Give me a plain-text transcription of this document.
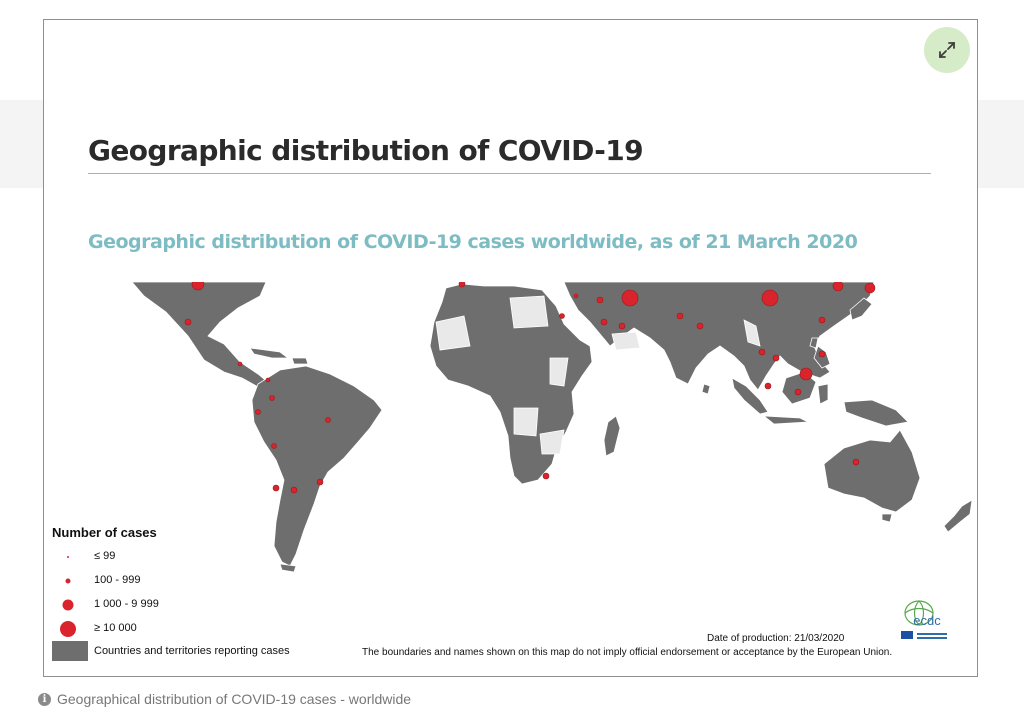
Geographic distribution of COVID-19
Geographic distribution of COVID-19 cases worldwide, as of 21 March 2020
Number of cases
≤ 99
100 - 999
1 000 - 9 999
≥ 10 000
Countries and territories reporting cases
ecdc
Date of production: 21/03/2020
The boundaries and names shown on this map do not imply official endorsement or acceptance by the European Union.
i Geographical distribution of COVID-19 cases - worldwide
